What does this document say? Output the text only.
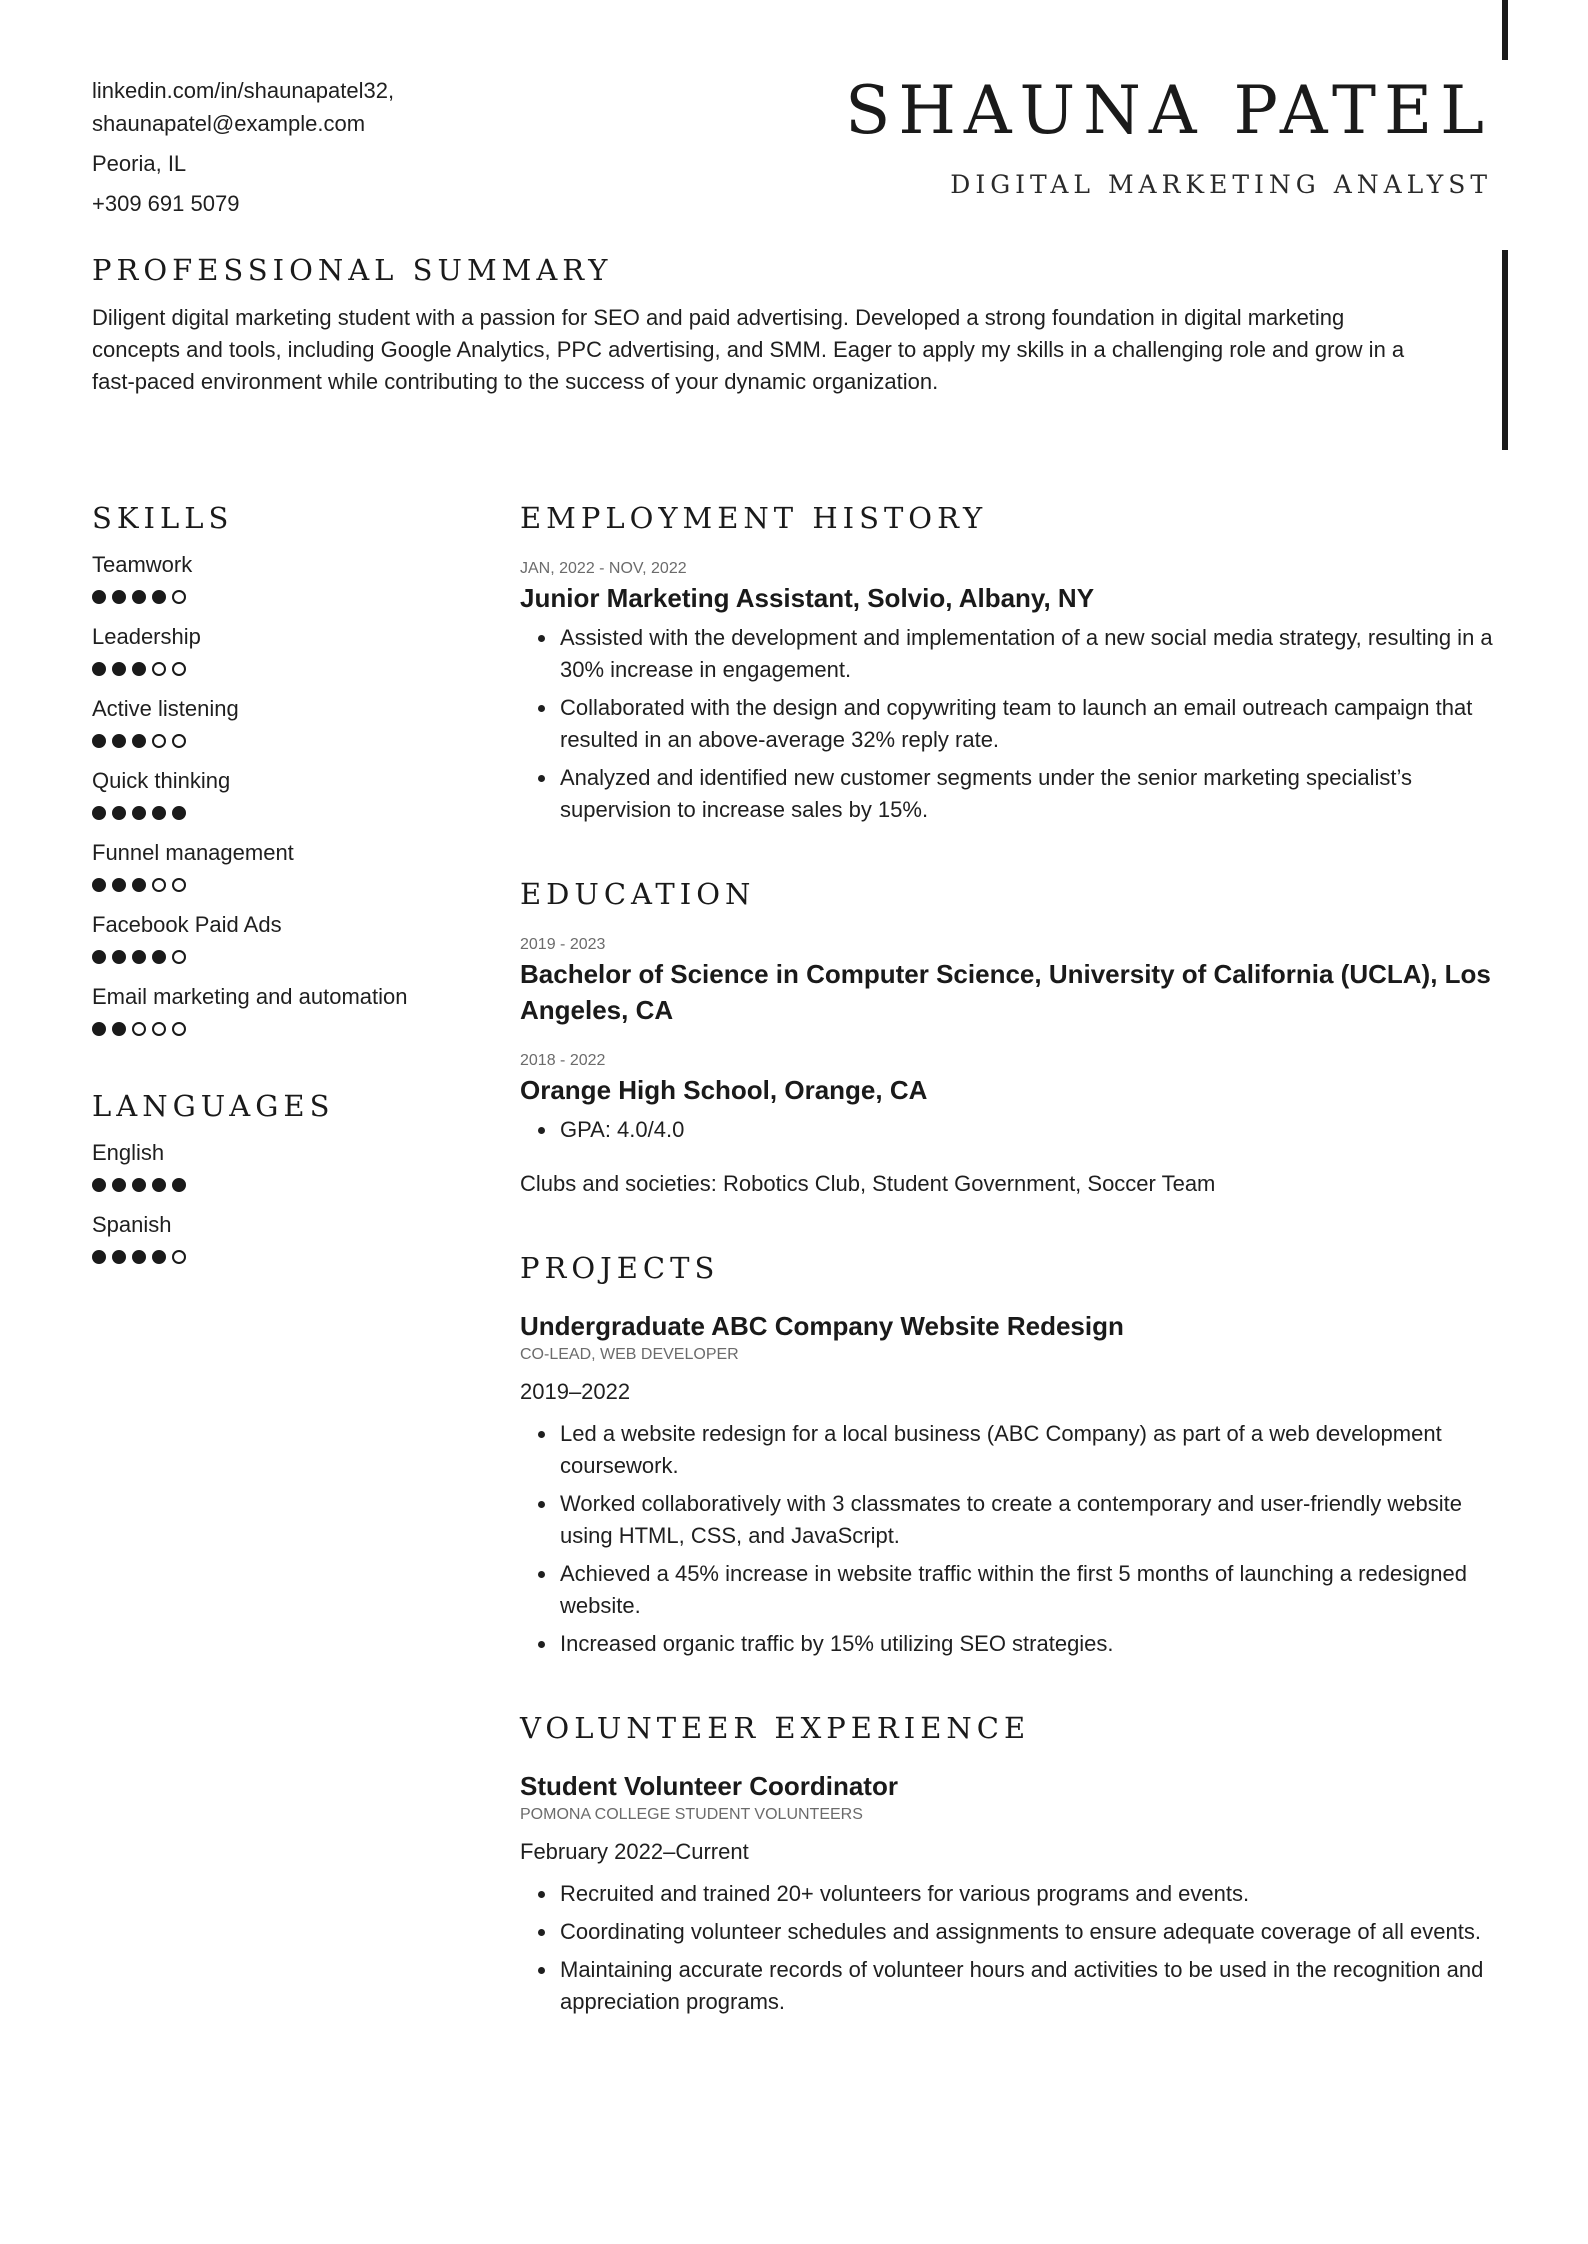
linkedin.com/in/shaunapatel32,
shaunapatel@example.com
Peoria, IL
+309 691 5079
SHAUNA PATEL
DIGITAL MARKETING ANALYST
PROFESSIONAL SUMMARY
Diligent digital marketing student with a passion for SEO and paid advertising. Developed a strong foundation in digital marketing concepts and tools, including Google Analytics, PPC advertising, and SMM. Eager to apply my skills in a challenging role and grow in a fast-paced environment while contributing to the success of your dynamic organization.
SKILLS
Teamwork
Leadership
Active listening
Quick thinking
Funnel management
Facebook Paid Ads
Email marketing and automation
LANGUAGES
English
Spanish
EMPLOYMENT HISTORY
JAN, 2022 - NOV, 2022
Junior Marketing Assistant, Solvio, Albany, NY
• Assisted with the development and implementation of a new social media strategy, resulting in a 30% increase in engagement.
• Collaborated with the design and copywriting team to launch an email outreach campaign that resulted in an above-average 32% reply rate.
• Analyzed and identified new customer segments under the senior marketing specialist’s supervision to increase sales by 15%.
EDUCATION
2019 - 2023
Bachelor of Science in Computer Science, University of California (UCLA), Los Angeles, CA
2018 - 2022
Orange High School, Orange, CA
• GPA: 4.0/4.0
Clubs and societies: Robotics Club, Student Government, Soccer Team
PROJECTS
Undergraduate ABC Company Website Redesign
CO-LEAD, WEB DEVELOPER
2019–2022
• Led a website redesign for a local business (ABC Company) as part of a web development coursework.
• Worked collaboratively with 3 classmates to create a contemporary and user-friendly website using HTML, CSS, and JavaScript.
• Achieved a 45% increase in website traffic within the first 5 months of launching a redesigned website.
• Increased organic traffic by 15% utilizing SEO strategies.
VOLUNTEER EXPERIENCE
Student Volunteer Coordinator
POMONA COLLEGE STUDENT VOLUNTEERS
February 2022–Current
• Recruited and trained 20+ volunteers for various programs and events.
• Coordinating volunteer schedules and assignments to ensure adequate coverage of all events.
• Maintaining accurate records of volunteer hours and activities to be used in the recognition and appreciation programs.
